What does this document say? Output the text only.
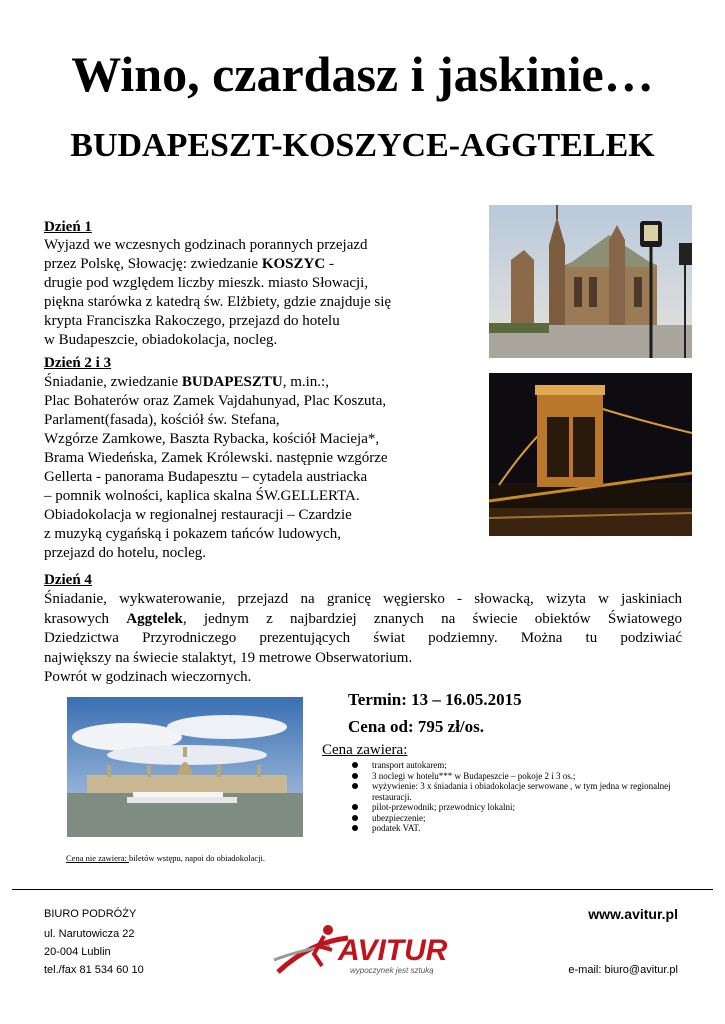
Wino, czardasz i jaskinie…
BUDAPESZT-KOSZYCE-AGGTELEK
Dzień 1
Wyjazd we wczesnych godzinach porannych przejazd
przez Polskę, Słowację: zwiedzanie KOSZYC -
drugie pod względem liczby mieszk. miasto Słowacji,
piękna starówka z katedrą św. Elżbiety, gdzie znajduje się
krypta Franciszka Rakoczego, przejazd do hotelu
w Budapeszcie, obiadokolacja, nocleg.
Dzień 2 i 3
Śniadanie, zwiedzanie BUDAPESZTU, m.in.:,
Plac Bohaterów oraz Zamek Vajdahunyad, Plac Koszuta,
Parlament(fasada), kościół św. Stefana,
Wzgórze Zamkowe, Baszta Rybacka, kościół Macieja*,
Brama Wiedeńska, Zamek Królewski. następnie wzgórze
Gellerta - panorama Budapesztu – cytadela austriacka
– pomnik wolności, kaplica skalna ŚW.GELLERTA.
Obiadokolacja w regionalnej restauracji – Czardzie
z muzyką cygańską i pokazem tańców ludowych,
przejazd do hotelu, nocleg.
Dzień 4
Śniadanie, wykwaterowanie, przejazd na granicę węgiersko - słowacką, wizyta w jaskiniach
krasowych Aggtelek, jednym z najbardziej znanych na świecie obiektów Światowego
Dziedzictwa Przyrodniczego prezentujących świat podziemny. Można tu podziwiać
największy na świecie stalaktyt, 19 metrowe Obserwatorium.
Powrót w godzinach wieczornych.
Termin: 13 – 16.05.2015
Cena od: 795 zł/os.
Cena zawiera:
transport autokarem;
3 noclegi w hotelu*** w Budapeszcie – pokoje 2 i 3 os.;
wyżywienie: 3 x śniadania i obiadokolacje serwowane , w tym jedna w regionalnej restauracji.
pilot-przewodnik; przewodnicy lokalni;
ubezpieczenie;
podatek VAT.
Cena nie zawiera: biletów wstępu, napoi do obiadokolacji.
BIURO PODRÓŻY
ul. Narutowicza 22
20-004 Lublin
tel./fax 81 534 60 10
www.avitur.pl
e-mail: biuro@avitur.pl
AVITUR
wypoczynek jest sztuką
